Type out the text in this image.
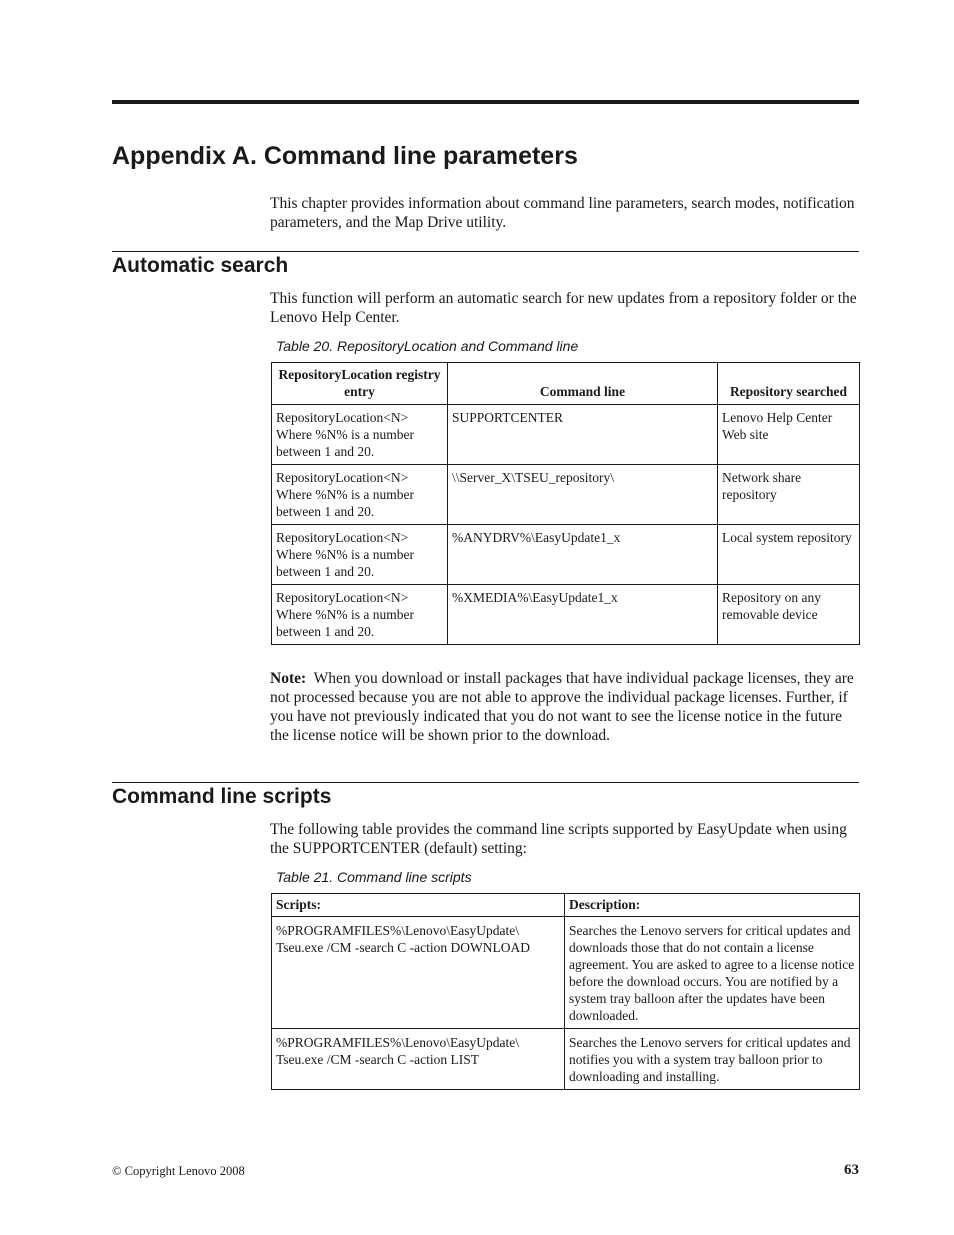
Appendix A. Command line parameters
This chapter provides information about command line parameters, search modes, notification parameters, and the Map Drive utility.
Automatic search
This function will perform an automatic search for new updates from a repository folder or the Lenovo Help Center.
Table 20. RepositoryLocation and Command line
RepositoryLocation registry entry	Command line	Repository searched
RepositoryLocation<N> Where %N% is a number between 1 and 20.	SUPPORTCENTER	Lenovo Help Center Web site
RepositoryLocation<N> Where %N% is a number between 1 and 20.	\\Server_X\TSEU_repository\	Network share repository
RepositoryLocation<N> Where %N% is a number between 1 and 20.	%ANYDRV%\EasyUpdate1_x	Local system repository
RepositoryLocation<N> Where %N% is a number between 1 and 20.	%XMEDIA%\EasyUpdate1_x	Repository on any removable device
Note: When you download or install packages that have individual package licenses, they are not processed because you are not able to approve the individual package licenses. Further, if you have not previously indicated that you do not want to see the license notice in the future the license notice will be shown prior to the download.
Command line scripts
The following table provides the command line scripts supported by EasyUpdate when using the SUPPORTCENTER (default) setting:
Table 21. Command line scripts
Scripts:	Description:
%PROGRAMFILES%\Lenovo\EasyUpdate\ Tseu.exe /CM -search C -action DOWNLOAD	Searches the Lenovo servers for critical updates and downloads those that do not contain a license agreement. You are asked to agree to a license notice before the download occurs. You are notified by a system tray balloon after the updates have been downloaded.
%PROGRAMFILES%\Lenovo\EasyUpdate\ Tseu.exe /CM -search C -action LIST	Searches the Lenovo servers for critical updates and notifies you with a system tray balloon prior to downloading and installing.
© Copyright Lenovo 2008	63
